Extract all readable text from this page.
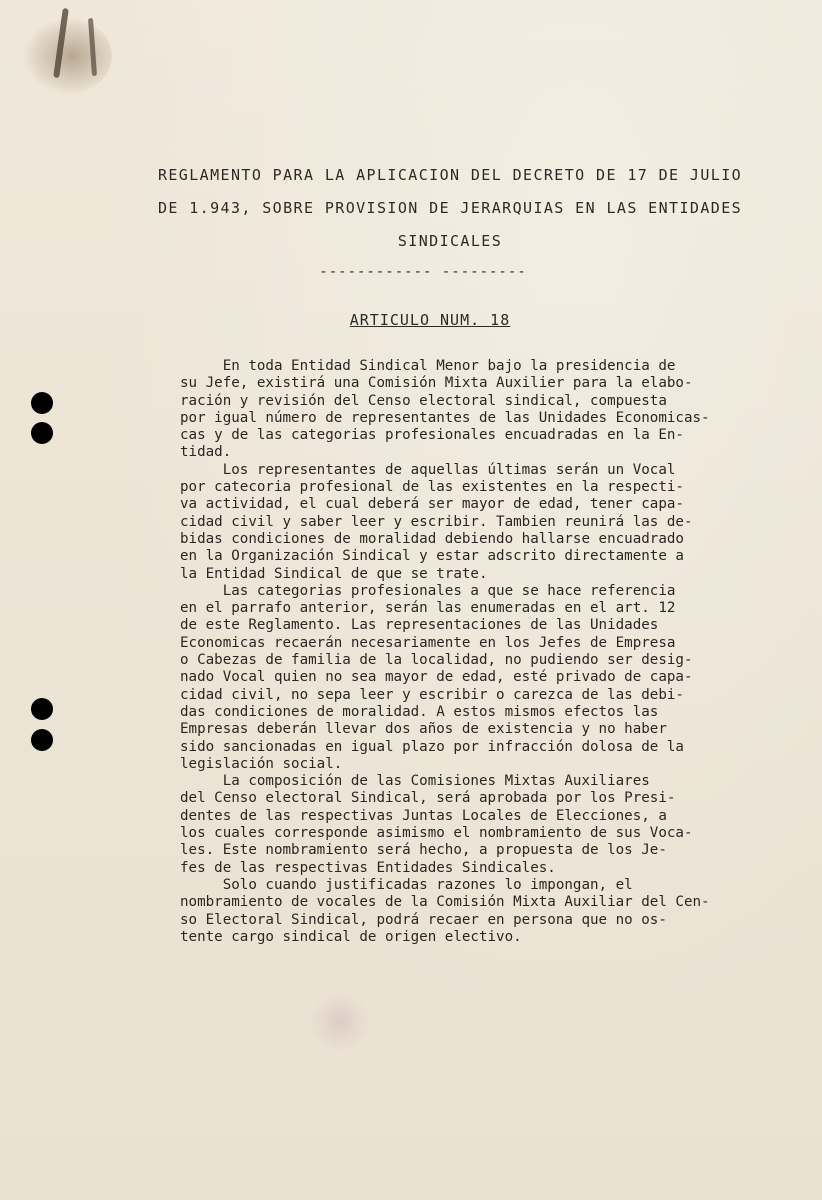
REGLAMENTO PARA LA APLICACION DEL DECRETO DE 17 DE JULIO
DE 1.943, SOBRE PROVISION DE JERARQUIAS EN LAS ENTIDADES
SINDICALES
------------ ---------
ARTICULO NUM. 18
En toda Entidad Sindical Menor bajo la presidencia de
su Jefe, existirá una Comisión Mixta Auxilier para la elabo-
ración y revisión del Censo electoral sindical, compuesta
por igual número de representantes de las Unidades Economicas-
cas y de las categorias profesionales encuadradas en la En-
tidad.
Los representantes de aquellas últimas serán un Vocal
por catecoria profesional de las existentes en la respecti-
va actividad, el cual deberá ser mayor de edad, tener capa-
cidad civil y saber leer y escribir. Tambien reunirá las de-
bidas condiciones de moralidad debiendo hallarse encuadrado
en la Organización Sindical y estar adscrito directamente a
la Entidad Sindical de que se trate.
Las categorias profesionales a que se hace referencia
en el parrafo anterior, serán las enumeradas en el art. 12
de este Reglamento. Las representaciones de las Unidades
Economicas recaerán necesariamente en los Jefes de Empresa
o Cabezas de familia de la localidad, no pudiendo ser desig-
nado Vocal quien no sea mayor de edad, esté privado de capa-
cidad civil, no sepa leer y escribir o carezca de las debi-
das condiciones de moralidad. A estos mismos efectos las
Empresas deberán llevar dos años de existencia y no haber
sido sancionadas en igual plazo por infracción dolosa de la
legislación social.
La composición de las Comisiones Mixtas Auxiliares
del Censo electoral Sindical, será aprobada por los Presi-
dentes de las respectivas Juntas Locales de Elecciones, a
los cuales corresponde asimismo el nombramiento de sus Voca-
les. Este nombramiento será hecho, a propuesta de los Je-
fes de las respectivas Entidades Sindicales.
Solo cuando justificadas razones lo impongan, el
nombramiento de vocales de la Comisión Mixta Auxiliar del Cen-
so Electoral Sindical, podrá recaer en persona que no os-
tente cargo sindical de origen electivo.
